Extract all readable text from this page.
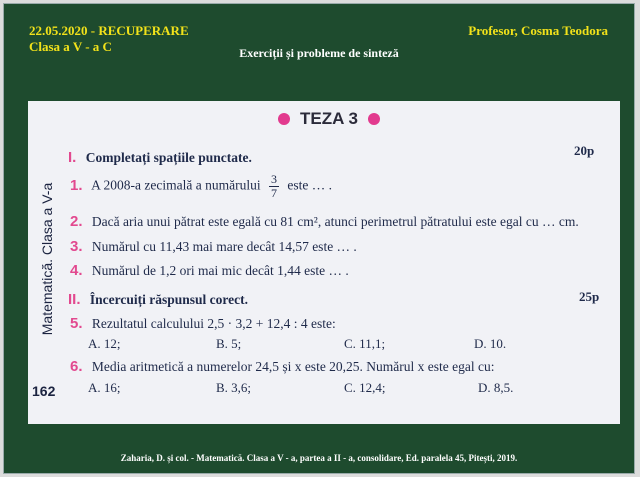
22.05.2020 - RECUPERARE
Clasa a V - a C
Profesor, Cosma Teodora
Exerciții și probleme de sinteză
Matematică. Clasa a V-a
162
TEZA 3
I. Completați spațiile punctate.	20p
1. A 2008-a zecimală a numărului $\frac{3}{7}$ este … .
2. Dacă aria unui pătrat este egală cu 81 cm², atunci perimetrul pătratului este egal cu … cm.
3. Numărul cu 11,43 mai mare decât 14,57 este … .
4. Numărul de 1,2 ori mai mic decât 1,44 este … .
II. Încercuiți răspunsul corect.	25p
5. Rezultatul calculului 2,5 · 3,2 + 12,4 : 4 este:
A. 12;	B. 5;	C. 11,1;	D. 10.
6. Media aritmetică a numerelor 24,5 și x este 20,25. Numărul x este egal cu:
A. 16;	B. 3,6;	C. 12,4;	D. 8,5.
Zaharia, D. și col. - Matematică. Clasa a V - a, partea a II - a, consolidare, Ed. paralela 45, Pitești, 2019.
